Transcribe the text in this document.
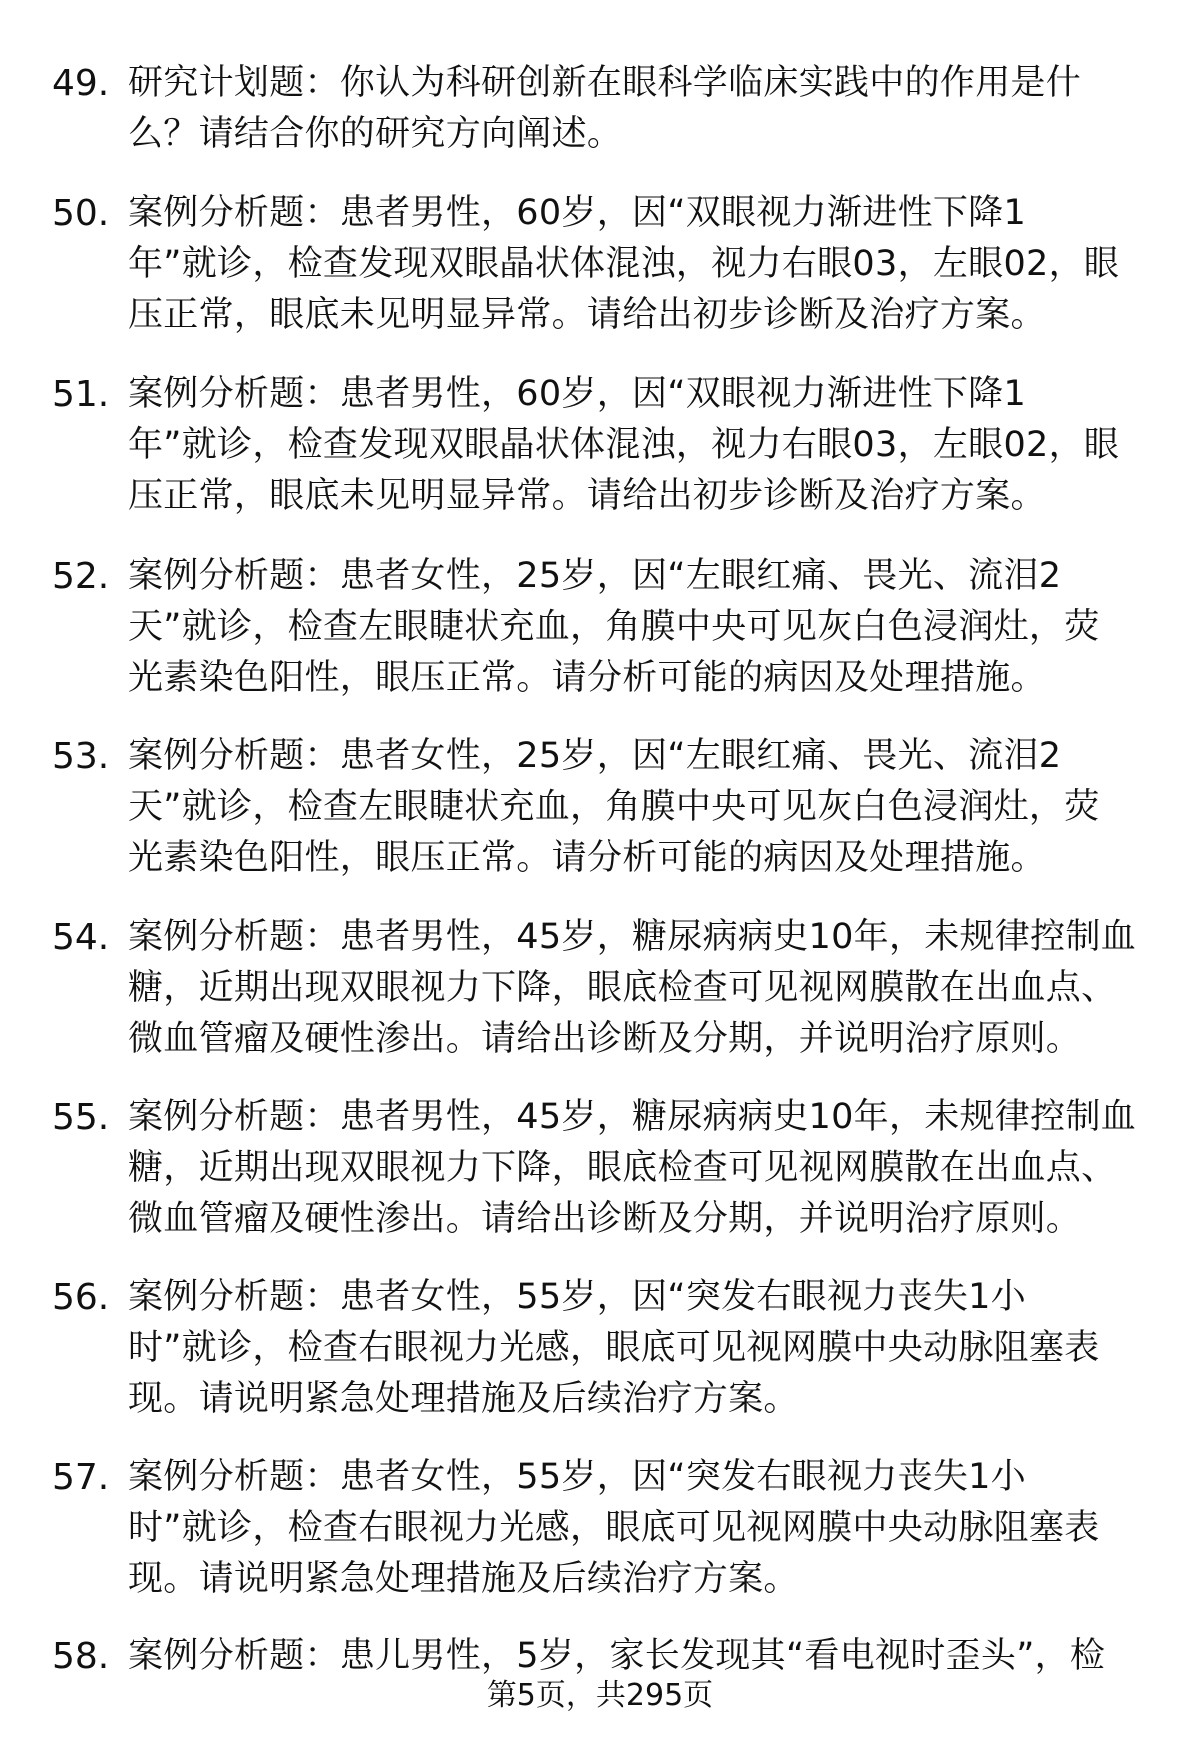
49. 研究计划题：你认为科研创新在眼科学临床实践中的作用是什
么？请结合你的研究方向阐述。
50. 案例分析题：患者男性，60岁，因“双眼视力渐进性下降1
年”就诊，检查发现双眼晶状体混浊，视力右眼03，左眼02，眼
压正常，眼底未见明显异常。请给出初步诊断及治疗方案。
51. 案例分析题：患者男性，60岁，因“双眼视力渐进性下降1
年”就诊，检查发现双眼晶状体混浊，视力右眼03，左眼02，眼
压正常，眼底未见明显异常。请给出初步诊断及治疗方案。
52. 案例分析题：患者女性，25岁，因“左眼红痛、畏光、流泪2
天”就诊，检查左眼睫状充血，角膜中央可见灰白色浸润灶，荧
光素染色阳性，眼压正常。请分析可能的病因及处理措施。
53. 案例分析题：患者女性，25岁，因“左眼红痛、畏光、流泪2
天”就诊，检查左眼睫状充血，角膜中央可见灰白色浸润灶，荧
光素染色阳性，眼压正常。请分析可能的病因及处理措施。
54. 案例分析题：患者男性，45岁，糖尿病病史10年，未规律控制血
糖，近期出现双眼视力下降，眼底检查可见视网膜散在出血点、
微血管瘤及硬性渗出。请给出诊断及分期，并说明治疗原则。
55. 案例分析题：患者男性，45岁，糖尿病病史10年，未规律控制血
糖，近期出现双眼视力下降，眼底检查可见视网膜散在出血点、
微血管瘤及硬性渗出。请给出诊断及分期，并说明治疗原则。
56. 案例分析题：患者女性，55岁，因“突发右眼视力丧失1小
时”就诊，检查右眼视力光感，眼底可见视网膜中央动脉阻塞表
现。请说明紧急处理措施及后续治疗方案。
57. 案例分析题：患者女性，55岁，因“突发右眼视力丧失1小
时”就诊，检查右眼视力光感，眼底可见视网膜中央动脉阻塞表
现。请说明紧急处理措施及后续治疗方案。
58. 案例分析题：患儿男性，5岁，家长发现其“看电视时歪头”，检
第5页，共295页
